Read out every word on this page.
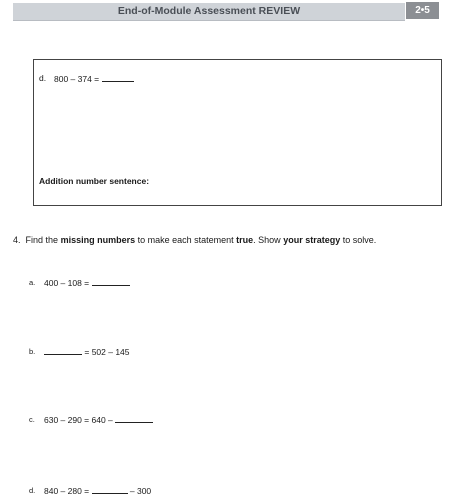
End-of-Module Assessment REVIEW	2•5
d. 800 – 374 =
Addition number sentence:
4. Find the missing numbers to make each statement true. Show your strategy to solve.
a. 400 – 108 =
b.	= 502 – 145
c. 630 – 290 = 640 –
d. 840 – 280 =	– 300
